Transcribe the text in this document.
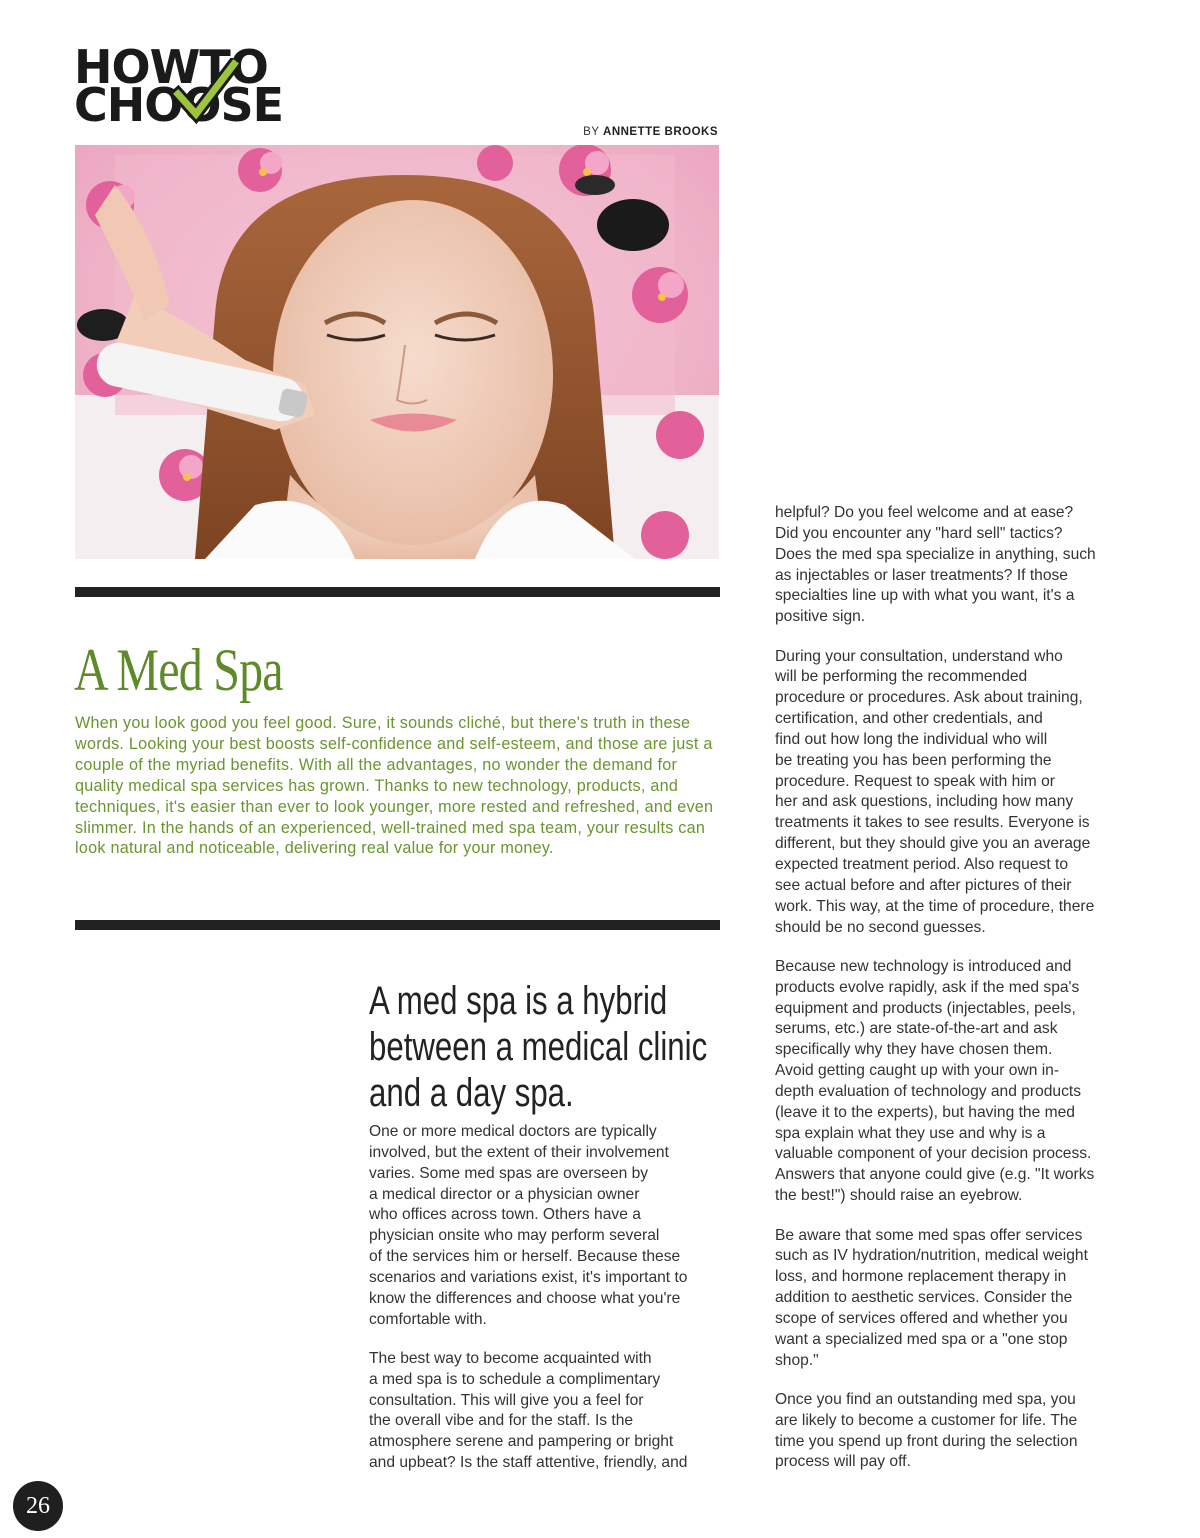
HOWTO
CHOOSE	BY ANNETTE BROOKS
A Med Spa
When you look good you feel good. Sure, it sounds cliché, but there's truth in these words. Looking your best boosts self-confidence and self-esteem, and those are just a couple of the myriad benefits. With all the advantages, no wonder the demand for quality medical spa services has grown. Thanks to new technology, products, and techniques, it's easier than ever to look younger, more rested and refreshed, and even slimmer. In the hands of an experienced, well-trained med spa team, your results can look natural and noticeable, delivering real value for your money.
A med spa is a hybrid
between a medical clinic
and a day spa.

One or more medical doctors are typically
involved, but the extent of their involvement
varies. Some med spas are overseen by
a medical director or a physician owner
who offices across town. Others have a
physician onsite who may perform several
of the services him or herself. Because these
scenarios and variations exist, it's important to
know the differences and choose what you're
comfortable with.

The best way to become acquainted with
a med spa is to schedule a complimentary
consultation. This will give you a feel for
the overall vibe and for the staff. Is the
atmosphere serene and pampering or bright
and upbeat? Is the staff attentive, friendly, and

helpful? Do you feel welcome and at ease?
Did you encounter any "hard sell" tactics?
Does the med spa specialize in anything, such
as injectables or laser treatments? If those
specialties line up with what you want, it's a
positive sign.

During your consultation, understand who
will be performing the recommended
procedure or procedures. Ask about training,
certification, and other credentials, and
find out how long the individual who will
be treating you has been performing the
procedure. Request to speak with him or
her and ask questions, including how many
treatments it takes to see results. Everyone is
different, but they should give you an average
expected treatment period. Also request to
see actual before and after pictures of their
work. This way, at the time of procedure, there
should be no second guesses.

Because new technology is introduced and
products evolve rapidly, ask if the med spa's
equipment and products (injectables, peels,
serums, etc.) are state-of-the-art and ask
specifically why they have chosen them.
Avoid getting caught up with your own in-
depth evaluation of technology and products
(leave it to the experts), but having the med
spa explain what they use and why is a
valuable component of your decision process.
Answers that anyone could give (e.g. "It works
the best!") should raise an eyebrow.

Be aware that some med spas offer services
such as IV hydration/nutrition, medical weight
loss, and hormone replacement therapy in
addition to aesthetic services. Consider the
scope of services offered and whether you
want a specialized med spa or a "one stop
shop."

Once you find an outstanding med spa, you
are likely to become a customer for life. The
time you spend up front during the selection
process will pay off.

26
